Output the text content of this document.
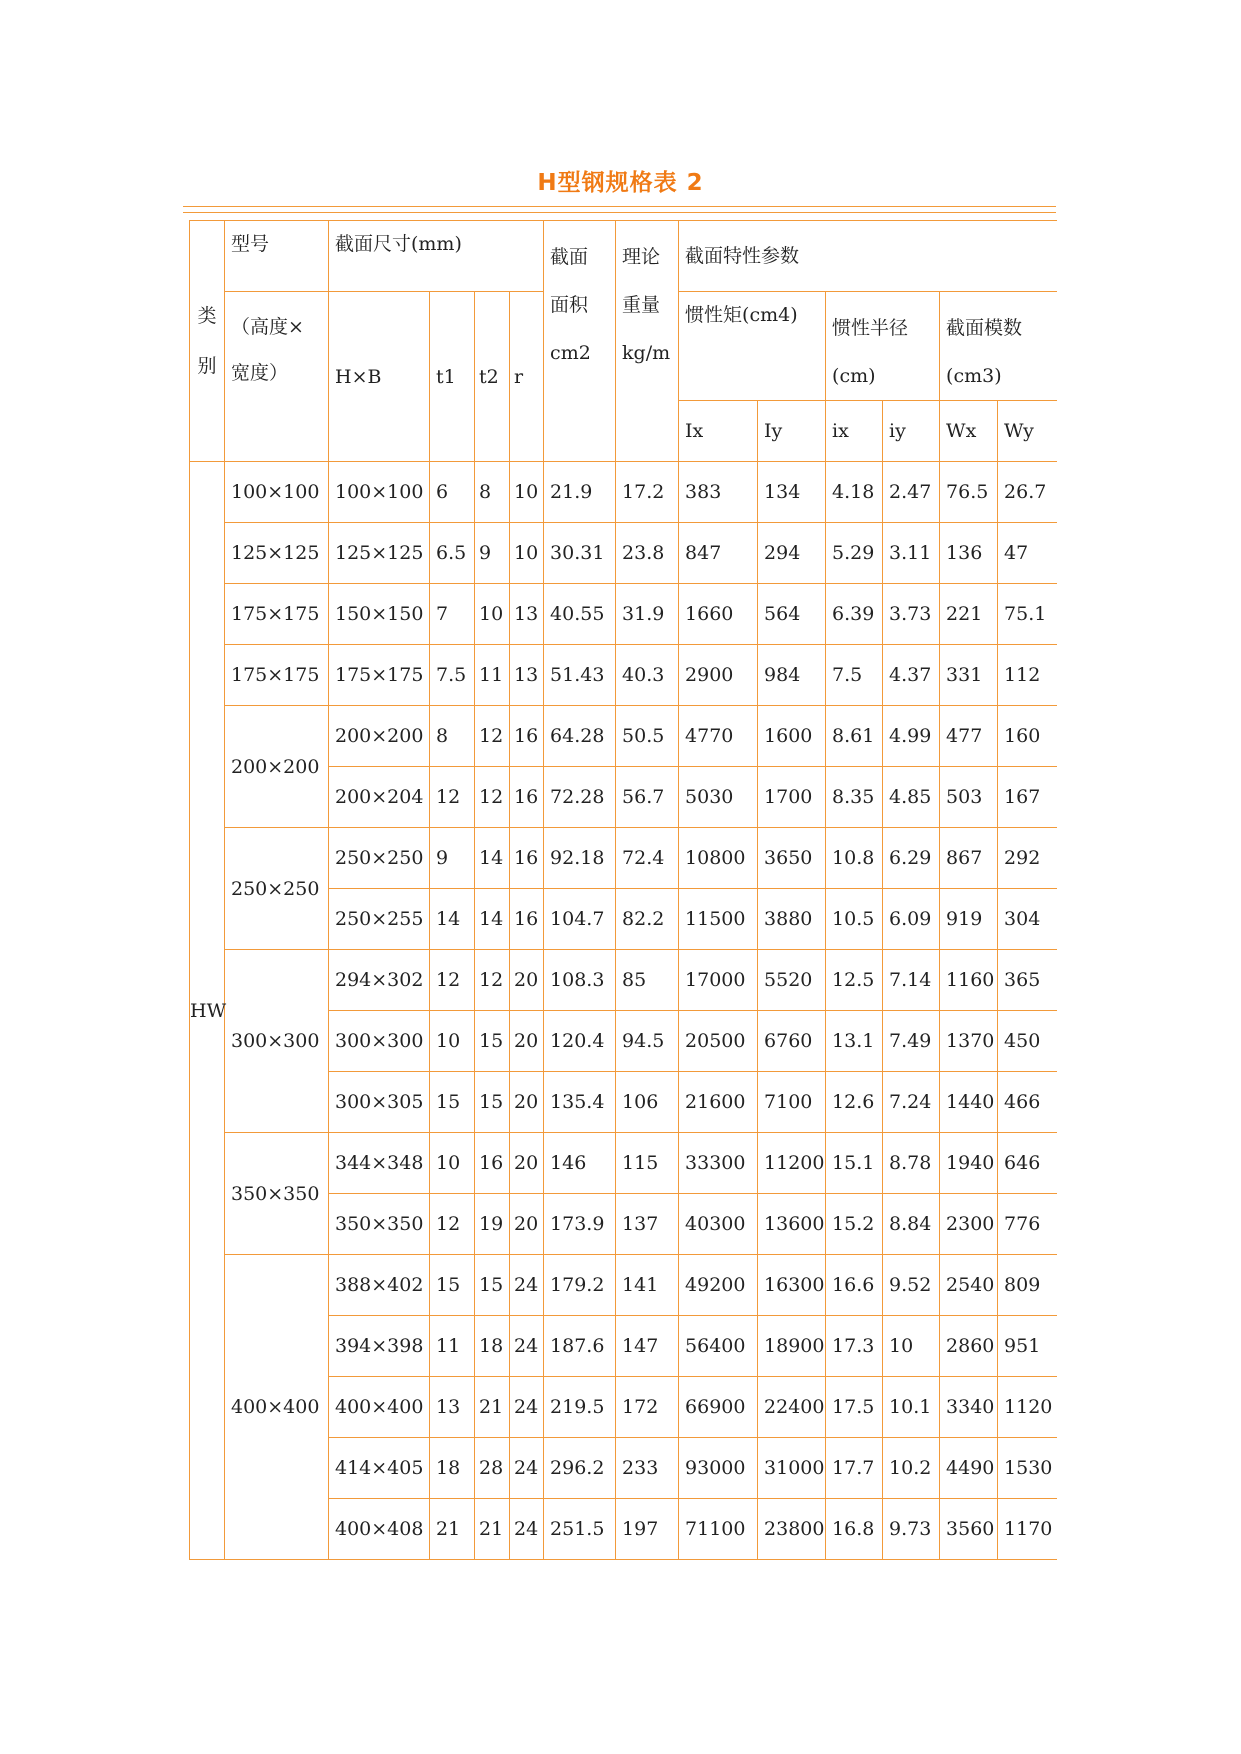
H型钢规格表 2
类别	型号	截面尺寸(mm)				截面面积cm2	理论重量kg/m	截面特性参数					

	（高度×宽度）	H×B	t1	t2	r			惯性矩(cm4)		惯性半径(cm)		截面模数(cm3)	

								Ix	Iy	ix	iy	Wx	Wy
HW	100×100	100×100	6	8	10	21.9	17.2	383	134	4.18	2.47	76.5	26.7
	125×125	125×125	6.5	9	10	30.31	23.8	847	294	5.29	3.11	136	47
	175×175	150×150	7	10	13	40.55	31.9	1660	564	6.39	3.73	221	75.1
	175×175	175×175	7.5	11	13	51.43	40.3	2900	984	7.5	4.37	331	112
	200×200	200×200	8	12	16	64.28	50.5	4770	1600	8.61	4.99	477	160
		200×204	12	12	16	72.28	56.7	5030	1700	8.35	4.85	503	167
	250×250	250×250	9	14	16	92.18	72.4	10800	3650	10.8	6.29	867	292
		250×255	14	14	16	104.7	82.2	11500	3880	10.5	6.09	919	304
	300×300	294×302	12	12	20	108.3	85	17000	5520	12.5	7.14	1160	365
		300×300	10	15	20	120.4	94.5	20500	6760	13.1	7.49	1370	450
		300×305	15	15	20	135.4	106	21600	7100	12.6	7.24	1440	466
	350×350	344×348	10	16	20	146	115	33300	11200	15.1	8.78	1940	646
		350×350	12	19	20	173.9	137	40300	13600	15.2	8.84	2300	776
	400×400	388×402	15	15	24	179.2	141	49200	16300	16.6	9.52	2540	809
		394×398	11	18	24	187.6	147	56400	18900	17.3	10	2860	951
		400×400	13	21	24	219.5	172	66900	22400	17.5	10.1	3340	1120
		414×405	18	28	24	296.2	233	93000	31000	17.7	10.2	4490	1530
		400×408	21	21	24	251.5	197	71100	23800	16.8	9.73	3560	1170
